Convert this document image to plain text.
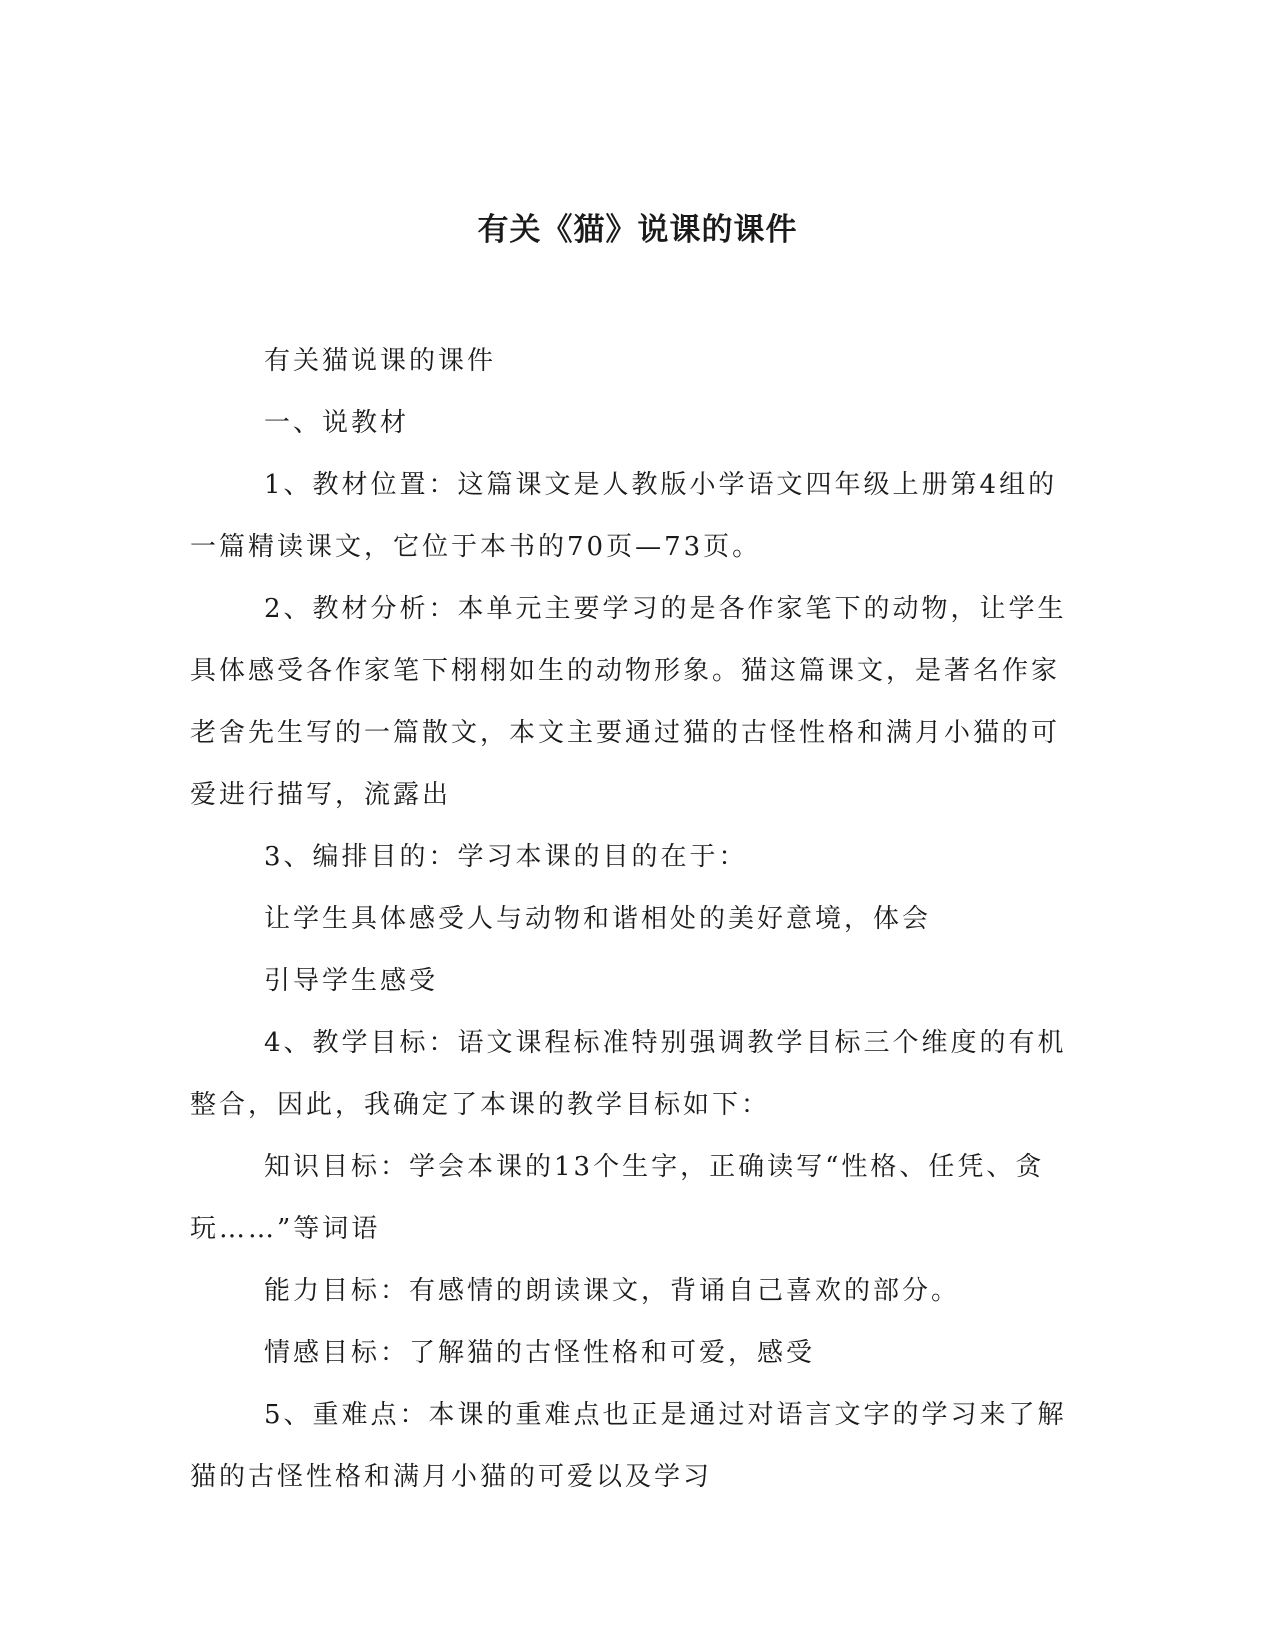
有关《猫》说课的课件

有关猫说课的课件

一、说教材

1、教材位置：这篇课文是人教版小学语文四年级上册第4组的一篇精读课文，它位于本书的70页—73页。

2、教材分析：本单元主要学习的是各作家笔下的动物，让学生具体感受各作家笔下栩栩如生的动物形象。猫这篇课文，是著名作家老舍先生写的一篇散文，本文主要通过猫的古怪性格和满月小猫的可爱进行描写，流露出

3、编排目的：学习本课的目的在于：

让学生具体感受人与动物和谐相处的美好意境，体会

引导学生感受

4、教学目标：语文课程标准特别强调教学目标三个维度的有机整合，因此，我确定了本课的教学目标如下：

知识目标：学会本课的13个生字，正确读写“性格、任凭、贪玩……”等词语

能力目标：有感情的朗读课文，背诵自己喜欢的部分。

情感目标：了解猫的古怪性格和可爱，感受

5、重难点：本课的重难点也正是通过对语言文字的学习来了解猫的古怪性格和满月小猫的可爱以及学习
